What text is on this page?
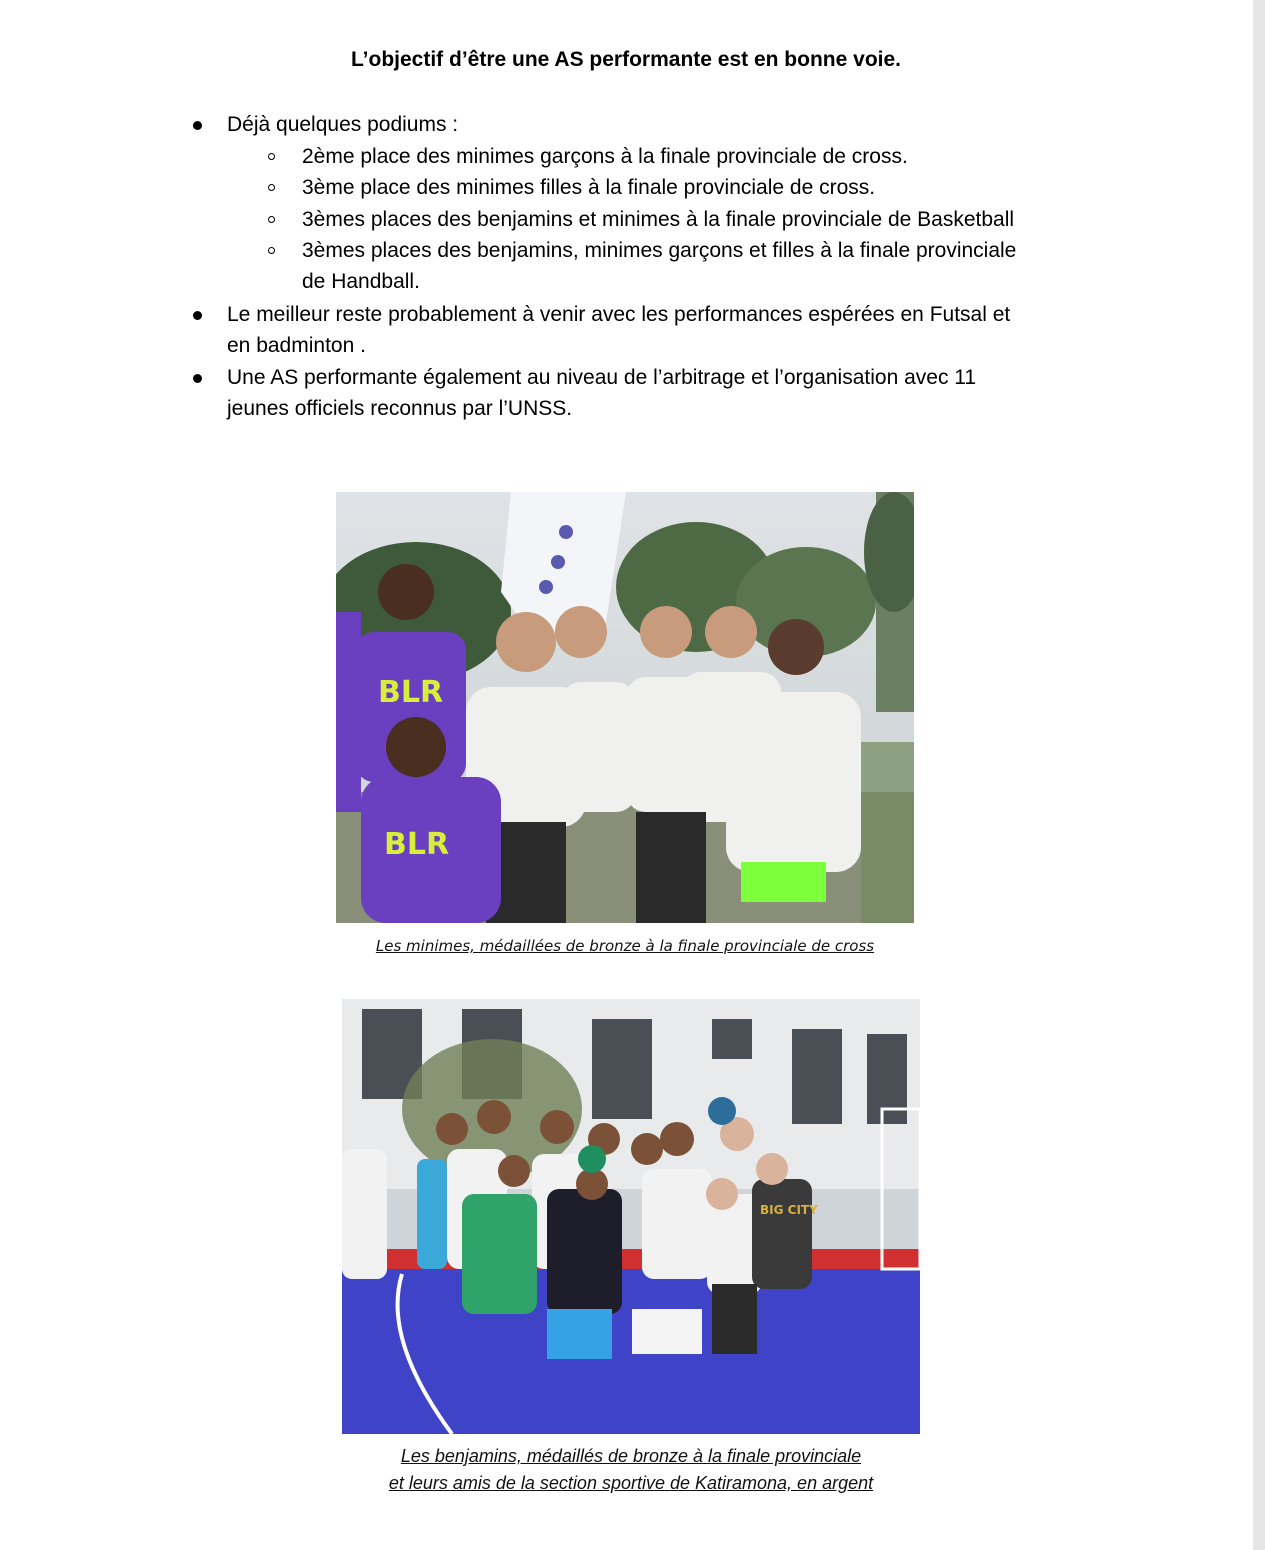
L’objectif d’être une AS performante est en bonne voie.
Déjà quelques podiums :
2ème place des minimes garçons à la finale provinciale de cross.
3ème place des minimes filles à la finale provinciale de cross.
3èmes places des benjamins et minimes à la finale provinciale de Basketball
3èmes places des benjamins, minimes garçons et filles à la finale provinciale
de Handball.
Le meilleur reste probablement à venir avec les performances espérées en Futsal et
en badminton .
Une AS performante également au niveau de l’arbitrage et l’organisation avec 11
jeunes officiels reconnus par l’UNSS.
BLR
BLR
Les minimes, médaillées de bronze à la finale provinciale de cross
BIG CITY
Les benjamins, médaillés de bronze à la finale provinciale
et leurs amis de la section sportive de Katiramona, en argent
